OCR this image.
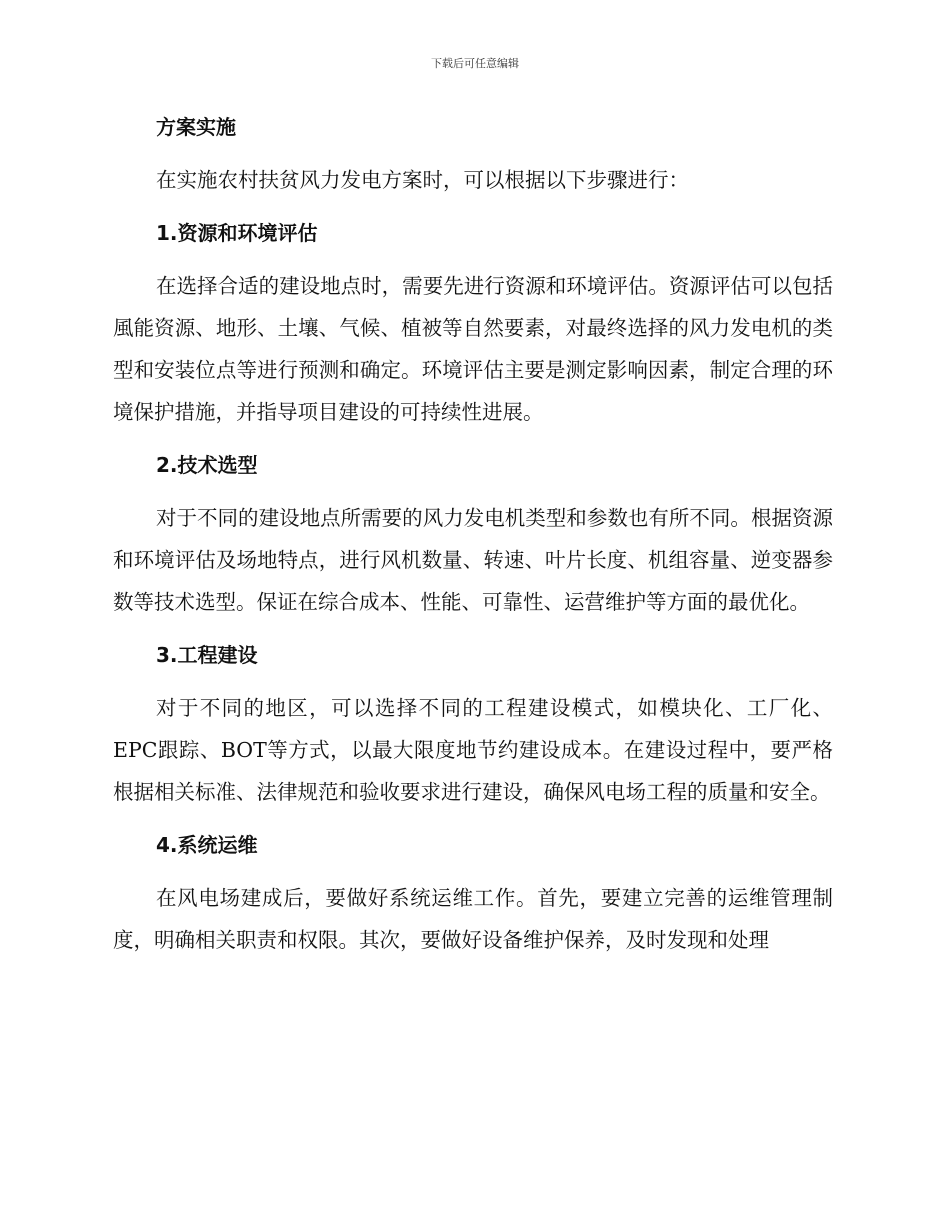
下载后可任意编辑
方案实施

在实施农村扶贫风力发电方案时，可以根据以下步骤进行：

1.资源和环境评估

在选择合适的建设地点时，需要先进行资源和环境评估。资源评估可以包括風能资源、地形、土壤、气候、植被等自然要素，对最终选择的风力发电机的类型和安装位点等进行预测和确定。环境评估主要是测定影响因素，制定合理的环境保护措施，并指导项目建设的可持续性进展。

2.技术选型

对于不同的建设地点所需要的风力发电机类型和参数也有所不同。根据资源和环境评估及场地特点，进行风机数量、转速、叶片长度、机组容量、逆变器参数等技术选型。保证在综合成本、性能、可靠性、运营维护等方面的最优化。

3.工程建设

对于不同的地区，可以选择不同的工程建设模式，如模块化、工厂化、EPC跟踪、BOT等方式，以最大限度地节约建设成本。在建设过程中，要严格根据相关标准、法律规范和验收要求进行建设，确保风电场工程的质量和安全。

4.系统运维

在风电场建成后，要做好系统运维工作。首先，要建立完善的运维管理制度，明确相关职责和权限。其次，要做好设备维护保养，及时发现和处理
